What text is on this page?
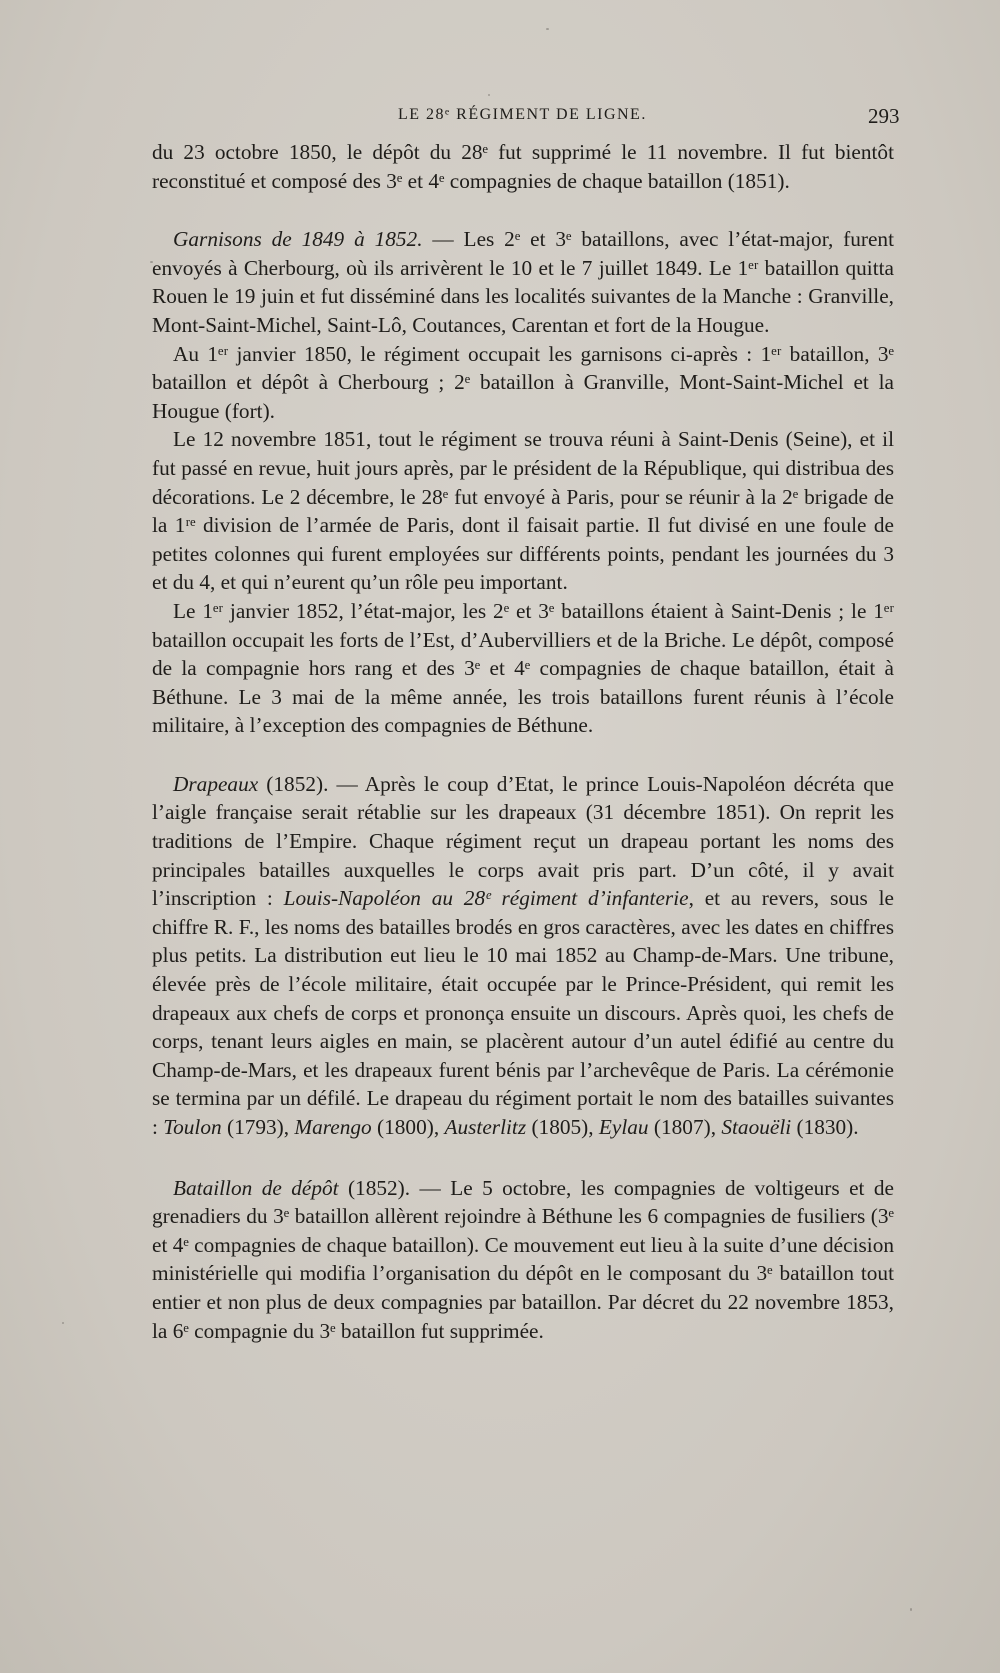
LE 28ᵉ RÉGIMENT DE LIGNE.	293

du 23 octobre 1850, le dépôt du 28ᵉ fut supprimé le 11 novembre. Il fut bientôt reconstitué et composé des 3ᵉ et 4ᵉ compagnies de chaque bataillon (1851).

Garnisons de 1849 à 1852. — Les 2ᵉ et 3ᵉ bataillons, avec l’état-major, furent envoyés à Cherbourg, où ils arrivèrent le 10 et le 7 juillet 1849. Le 1ᵉʳ bataillon quitta Rouen le 19 juin et fut disséminé dans les localités suivantes de la Manche : Granville, Mont-Saint-Michel, Saint-Lô, Coutances, Carentan et fort de la Hougue.

Au 1ᵉʳ janvier 1850, le régiment occupait les garnisons ci-après : 1ᵉʳ bataillon, 3ᵉ bataillon et dépôt à Cherbourg ; 2ᵉ bataillon à Granville, Mont-Saint-Michel et la Hougue (fort).

Le 12 novembre 1851, tout le régiment se trouva réuni à Saint-Denis (Seine), et il fut passé en revue, huit jours après, par le président de la République, qui distribua des décorations. Le 2 décembre, le 28ᵉ fut envoyé à Paris, pour se réunir à la 2ᵉ brigade de la 1ʳᵉ division de l’armée de Paris, dont il faisait partie. Il fut divisé en une foule de petites colonnes qui furent employées sur différents points, pendant les journées du 3 et du 4, et qui n’eurent qu’un rôle peu important.

Le 1ᵉʳ janvier 1852, l’état-major, les 2ᵉ et 3ᵉ bataillons étaient à Saint-Denis ; le 1ᵉʳ bataillon occupait les forts de l’Est, d’Aubervilliers et de la Briche. Le dépôt, composé de la compagnie hors rang et des 3ᵉ et 4ᵉ compagnies de chaque bataillon, était à Béthune. Le 3 mai de la même année, les trois bataillons furent réunis à l’école militaire, à l’exception des compagnies de Béthune.

Drapeaux (1852). — Après le coup d’Etat, le prince Louis-Napoléon décréta que l’aigle française serait rétablie sur les drapeaux (31 décembre 1851). On reprit les traditions de l’Empire. Chaque régiment reçut un drapeau portant les noms des principales batailles auxquelles le corps avait pris part. D’un côté, il y avait l’inscription : Louis-Napoléon au 28ᵉ régiment d’infanterie, et au revers, sous le chiffre R. F., les noms des batailles brodés en gros caractères, avec les dates en chiffres plus petits. La distribution eut lieu le 10 mai 1852 au Champ-de-Mars. Une tribune, élevée près de l’école militaire, était occupée par le Prince-Président, qui remit les drapeaux aux chefs de corps et prononça ensuite un discours. Après quoi, les chefs de corps, tenant leurs aigles en main, se placèrent autour d’un autel édifié au centre du Champ-de-Mars, et les drapeaux furent bénis par l’archevêque de Paris. La cérémonie se termina par un défilé. Le drapeau du régiment portait le nom des batailles suivantes : Toulon (1793), Marengo (1800), Austerlitz (1805), Eylau (1807), Staouëli (1830).

Bataillon de dépôt (1852). — Le 5 octobre, les compagnies de voltigeurs et de grenadiers du 3ᵉ bataillon allèrent rejoindre à Béthune les 6 compagnies de fusiliers (3ᵉ et 4ᵉ compagnies de chaque bataillon). Ce mouvement eut lieu à la suite d’une décision ministérielle qui modifia l’organisation du dépôt en le composant du 3ᵉ bataillon tout entier et non plus de deux compagnies par bataillon. Par décret du 22 novembre 1853, la 6ᵉ compagnie du 3ᵉ bataillon fut supprimée.
